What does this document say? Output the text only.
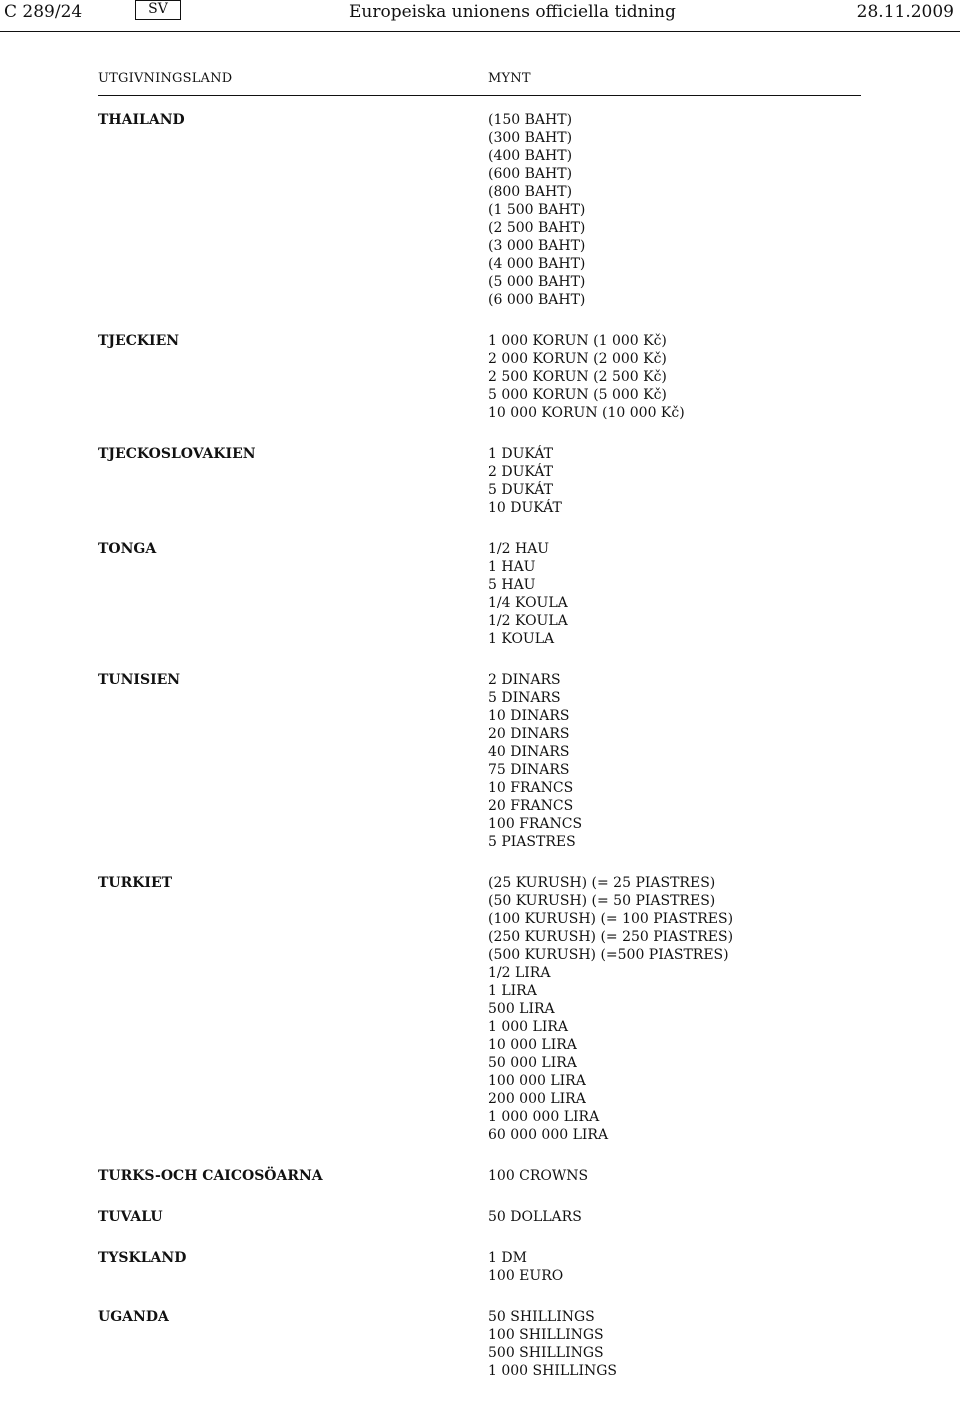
C 289/24	SV	Europeiska unionens officiella tidning	28.11.2009
UTGIVNINGSLAND	MYNT
THAILAND	(150 BAHT)
(300 BAHT)
(400 BAHT)
(600 BAHT)
(800 BAHT)
(1 500 BAHT)
(2 500 BAHT)
(3 000 BAHT)
(4 000 BAHT)
(5 000 BAHT)
(6 000 BAHT)
TJECKIEN	1 000 KORUN (1 000 Kč)
2 000 KORUN (2 000 Kč)
2 500 KORUN (2 500 Kč)
5 000 KORUN (5 000 Kč)
10 000 KORUN (10 000 Kč)
TJECKOSLOVAKIEN	1 DUKÁT
2 DUKÁT
5 DUKÁT
10 DUKÁT
TONGA	1/2 HAU
1 HAU
5 HAU
1/4 KOULA
1/2 KOULA
1 KOULA
TUNISIEN	2 DINARS
5 DINARS
10 DINARS
20 DINARS
40 DINARS
75 DINARS
10 FRANCS
20 FRANCS
100 FRANCS
5 PIASTRES
TURKIET	(25 KURUSH) (= 25 PIASTRES)
(50 KURUSH) (= 50 PIASTRES)
(100 KURUSH) (= 100 PIASTRES)
(250 KURUSH) (= 250 PIASTRES)
(500 KURUSH) (=500 PIASTRES)
1/2 LIRA
1 LIRA
500 LIRA
1 000 LIRA
10 000 LIRA
50 000 LIRA
100 000 LIRA
200 000 LIRA
1 000 000 LIRA
60 000 000 LIRA
TURKS-OCH CAICOSÖARNA	100 CROWNS
TUVALU	50 DOLLARS
TYSKLAND	1 DM
100 EURO
UGANDA	50 SHILLINGS
100 SHILLINGS
500 SHILLINGS
1 000 SHILLINGS
